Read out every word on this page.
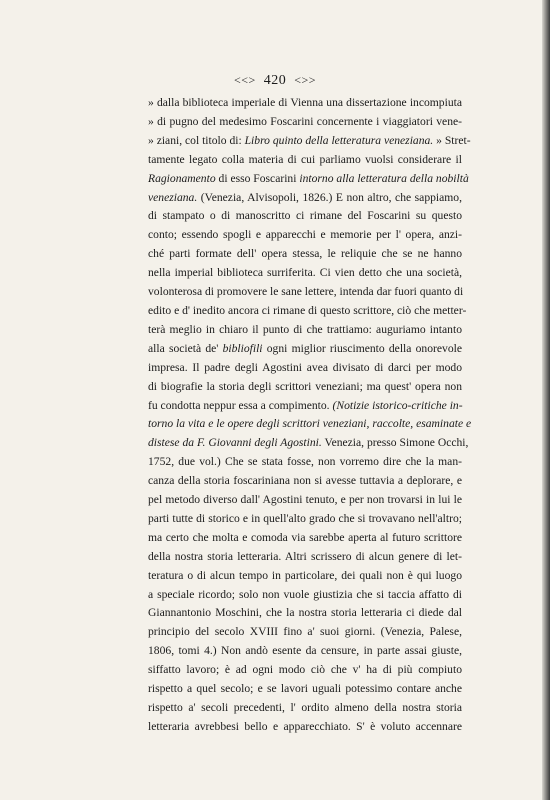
<<> 420 <>>
» dalla biblioteca imperiale di Vienna una dissertazione incompiuta
» di pugno del medesimo Foscarini concernente i viaggiatori vene-
» ziani, col titolo di: Libro quinto della letteratura veneziana. » Stret-
tamente legato colla materia di cui parliamo vuolsi considerare il
Ragionamento di esso Foscarini intorno alla letteratura della nobiltà
veneziana. (Venezia, Alvisopoli, 1826.) E non altro, che sappiamo,
di stampato o di manoscritto ci rimane del Foscarini su questo
conto; essendo spogli e apparecchi e memorie per l' opera, anzi-
ché parti formate dell' opera stessa, le reliquie che se ne hanno
nella imperial biblioteca surriferita. Ci vien detto che una società,
volonterosa di promovere le sane lettere, intenda dar fuori quanto di
edito e d' inedito ancora ci rimane di questo scrittore, ciò che metter-
terà meglio in chiaro il punto di che trattiamo: auguriamo intanto
alla società de' bibliofili ogni miglior riuscimento della onorevole
impresa. Il padre degli Agostini avea divisato di darci per modo
di biografie la storia degli scrittori veneziani; ma quest' opera non
fu condotta neppur essa a compimento. (Notizie istorico-critiche in-
torno la vita e le opere degli scrittori veneziani, raccolte, esaminate e
distese da F. Giovanni degli Agostini. Venezia, presso Simone Occhi,
1752, due vol.) Che se stata fosse, non vorremo dire che la man-
canza della storia foscariniana non si avesse tuttavia a deplorare, e
pel metodo diverso dall' Agostini tenuto, e per non trovarsi in lui le
parti tutte di storico e in quell'alto grado che si trovavano nell'altro;
ma certo che molta e comoda via sarebbe aperta al futuro scrittore
della nostra storia letteraria. Altri scrissero di alcun genere di let-
teratura o di alcun tempo in particolare, dei quali non è qui luogo
a speciale ricordo; solo non vuole giustizia che si taccia affatto di
Giannantonio Moschini, che la nostra storia letteraria ci diede dal
principio del secolo XVIII fino a' suoi giorni. (Venezia, Palese,
1806, tomi 4.) Non andò esente da censure, in parte assai giuste,
siffatto lavoro; è ad ogni modo ciò che v' ha di più compiuto
rispetto a quel secolo; e se lavori uguali potessimo contare anche
rispetto a' secoli precedenti, l' ordito almeno della nostra storia
letteraria avrebbesi bello e apparecchiato. S' è voluto accennare
